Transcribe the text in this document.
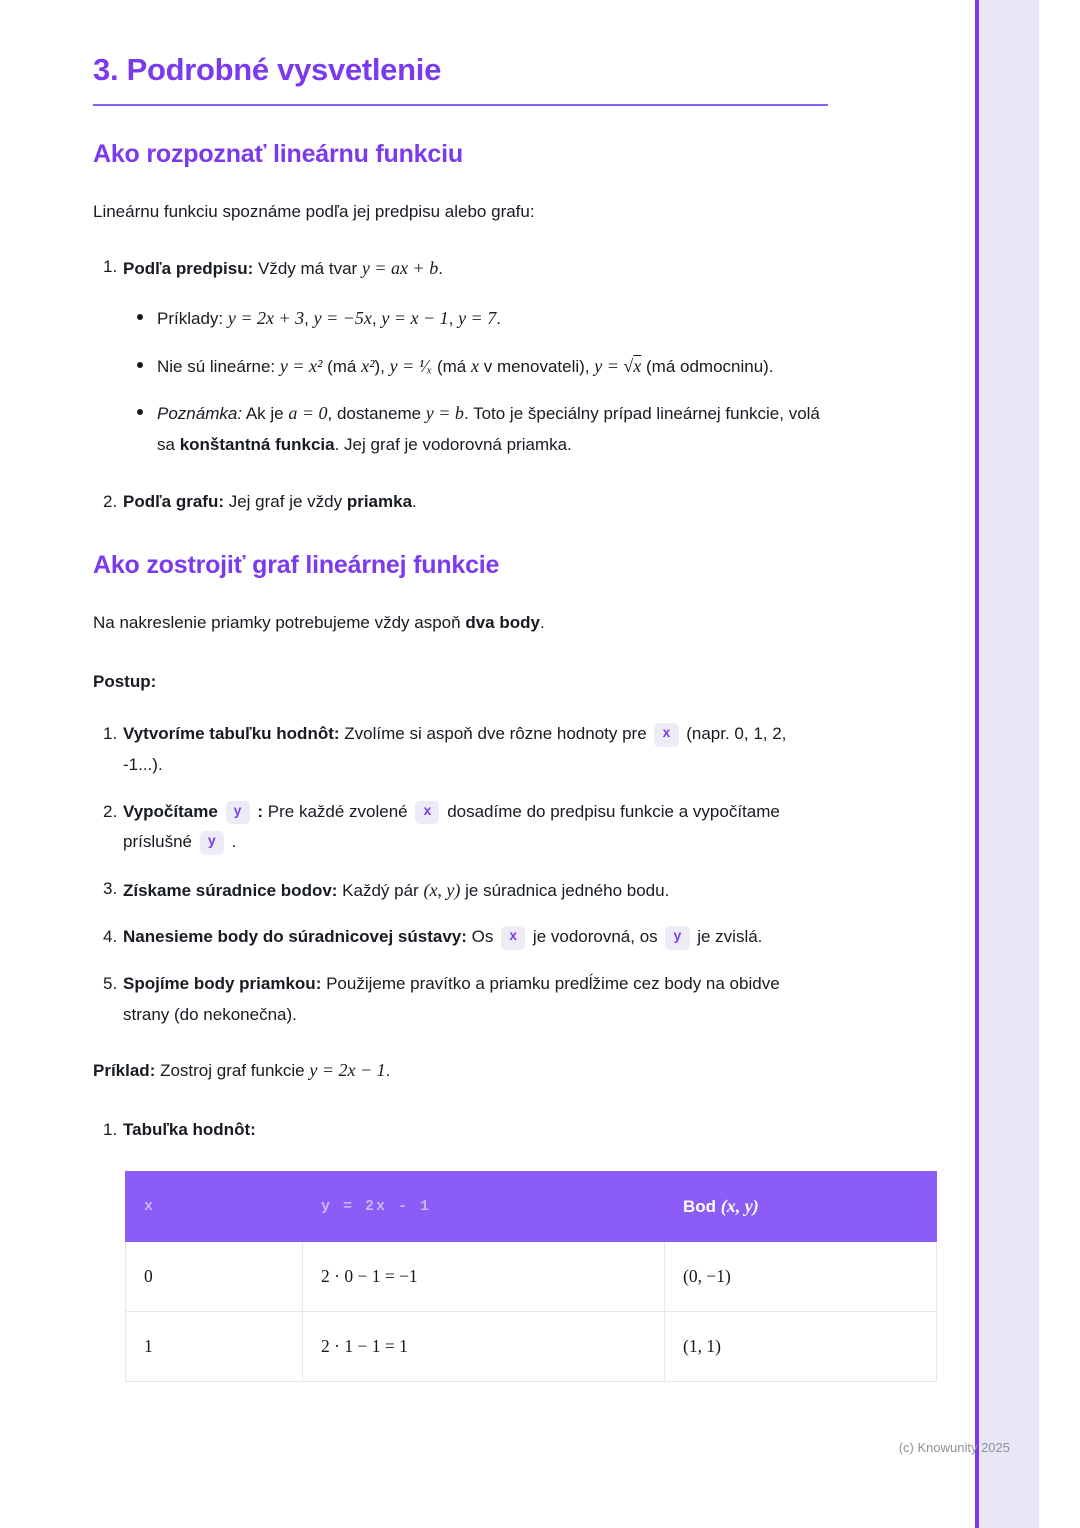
(c) Knowunity 2025
3. Podrobné vysvetlenie
Ako rozpoznať lineárnu funkciu

Lineárnu funkciu spoznáme podľa jej predpisu alebo grafu:

1. Podľa predpisu: Vždy má tvar y = ax + b.
Príklady: y = 2x + 3, y = −5x, y = x − 1, y = 7.
Nie sú lineárne: y = x² (má x²), y = ¹⁄ₓ (má x v menovateli), y = √x (má odmocninu).
Poznámka: Ak je a = 0, dostaneme y = b. Toto je špeciálny prípad lineárnej funkcie, volá sa konštantná funkcia. Jej graf je vodorovná priamka.
2. Podľa grafu: Jej graf je vždy priamka.
Ako zostrojiť graf lineárnej funkcie

Na nakreslenie priamky potrebujeme vždy aspoň dva body.

Postup:

1. Vytvoríme tabuľku hodnôt: Zvolíme si aspoň dve rôzne hodnoty pre x (napr. 0, 1, 2, -1...).
2. Vypočítame y : Pre každé zvolené x dosadíme do predpisu funkcie a vypočítame príslušné y .
3. Získame súradnice bodov: Každý pár (x, y) je súradnica jedného bodu.
4. Nanesieme body do súradnicovej sústavy: Os x je vodorovná, os y je zvislá.
5. Spojíme body priamkou: Použijeme pravítko a priamku predĺžime cez body na obidve strany (do nekonečna).

Príklad: Zostroj graf funkcie y = 2x − 1.

1. Tabuľka hodnôt:
x	y = 2x - 1	Bod (x, y)
0	2 · 0 − 1 = −1	(0, −1)
1	2 · 1 − 1 = 1	(1, 1)
